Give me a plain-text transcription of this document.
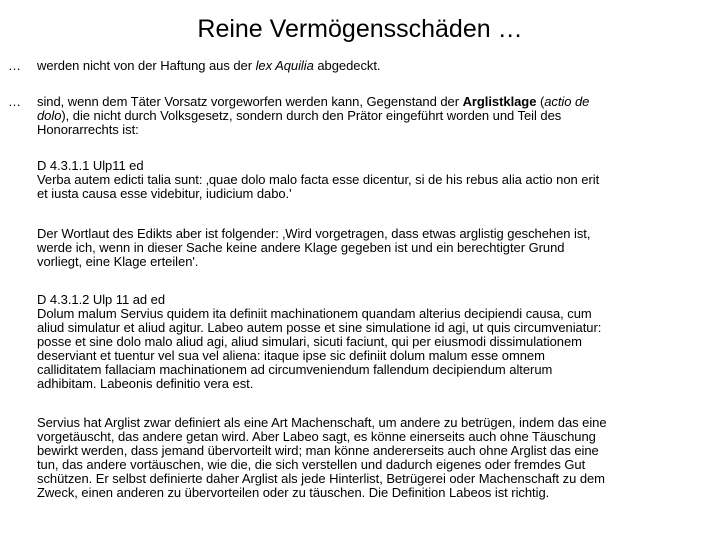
Reine Vermögensschäden …
… werden nicht von der Haftung aus der lex Aquilia abgedeckt.
… sind, wenn dem Täter Vorsatz vorgeworfen werden kann, Gegenstand der Arglistklage (actio de
dolo), die nicht durch Volksgesetz, sondern durch den Prätor eingeführt worden und Teil des
Honorarrechts ist:
D 4.3.1.1 Ulp11 ed
Verba autem edicti talia sunt: ‚quae dolo malo facta esse dicentur, si de his rebus alia actio non erit
et iusta causa esse videbitur, iudicium dabo.'
Der Wortlaut des Edikts aber ist folgender: ‚Wird vorgetragen, dass etwas arglistig geschehen ist,
werde ich, wenn in dieser Sache keine andere Klage gegeben ist und ein berechtigter Grund
vorliegt, eine Klage erteilen'.
D 4.3.1.2 Ulp 11 ad ed
Dolum malum Servius quidem ita definiit machinationem quandam alterius decipiendi causa, cum
aliud simulatur et aliud agitur. Labeo autem posse et sine simulatione id agi, ut quis circumveniatur:
posse et sine dolo malo aliud agi, aliud simulari, sicuti faciunt, qui per eiusmodi dissimulationem
deserviant et tuentur vel sua vel aliena: itaque ipse sic definiit dolum malum esse omnem
calliditatem fallaciam machinationem ad circumveniendum fallendum decipiendum alterum
adhibitam. Labeonis definitio vera est.
Servius hat Arglist zwar definiert als eine Art Machenschaft, um andere zu betrügen, indem das eine
vorgetäuscht, das andere getan wird. Aber Labeo sagt, es könne einerseits auch ohne Täuschung
bewirkt werden, dass jemand übervorteilt wird; man könne andererseits auch ohne Arglist das eine
tun, das andere vortäuschen, wie die, die sich verstellen und dadurch eigenes oder fremdes Gut
schützen. Er selbst definierte daher Arglist als jede Hinterlist, Betrügerei oder Machenschaft zu dem
Zweck, einen anderen zu übervorteilen oder zu täuschen. Die Definition Labeos ist richtig.
